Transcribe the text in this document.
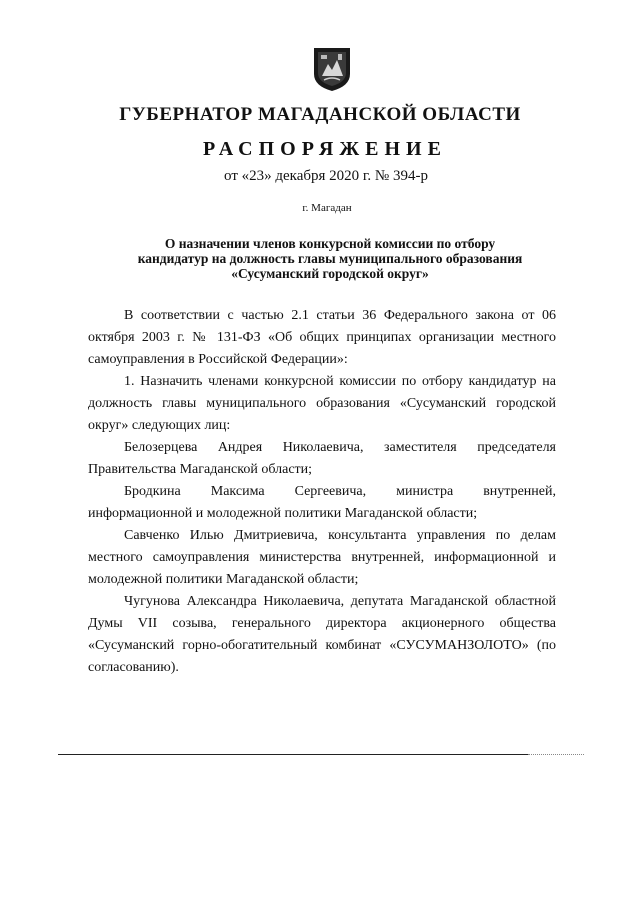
ГУБЕРНАТОР МАГАДАНСКОЙ ОБЛАСТИ
РАСПОРЯЖЕНИЕ
от «23» декабря 2020 г. № 394-р
г. Магадан
О назначении членов конкурсной комиссии по отбору
кандидатур на должность главы муниципального образования
«Сусуманский городской округ»

В соответствии с частью 2.1 статьи 36 Федерального закона от 06 октября 2003 г. № 131-ФЗ «Об общих принципах организации местного самоуправления в Российской Федерации»:

1. Назначить членами конкурсной комиссии по отбору кандидатур на должность главы муниципального образования «Сусуманский городской округ» следующих лиц:

Белозерцева Андрея Николаевича, заместителя председателя Правительства Магаданской области;

Бродкина Максима Сергеевича, министра внутренней, информационной и молодежной политики Магаданской области;

Савченко Илью Дмитриевича, консультанта управления по делам местного самоуправления министерства внутренней, информационной и молодежной политики Магаданской области;

Чугунова Александра Николаевича, депутата Магаданской областной Думы VII созыва, генерального директора акционерного общества «Сусуманский горно-обогатительный комбинат «СУСУМАНЗОЛОТО» (по согласованию).
